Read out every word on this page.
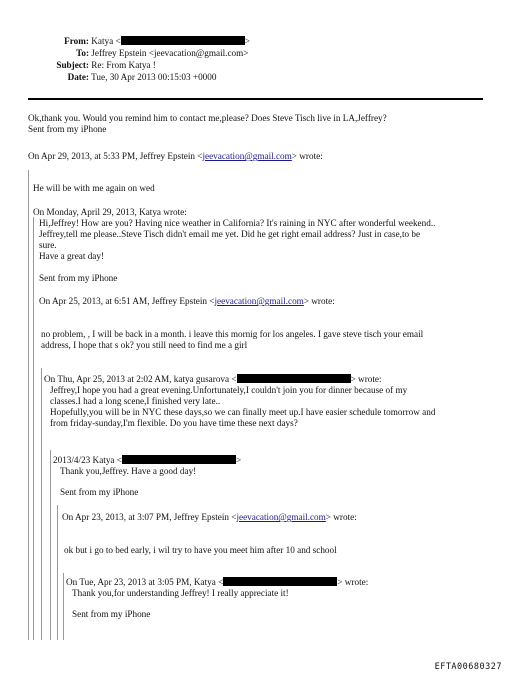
From: Katya <	>
To: Jeffrey Epstein <jeevacation@gmail.com>
Subject: Re: From Katya !
Date: Tue, 30 Apr 2013 00:15:03 +0000
Ok,thank you. Would you remind him to contact me,please? Does Steve Tisch live in LA,Jeffrey?
Sent from my iPhone
On Apr 29, 2013, at 5:33 PM, Jeffrey Epstein <jeevacation@gmail.com> wrote:
He will be with me again on wed
On Monday, April 29, 2013, Katya wrote:
Hi,Jeffrey! How are you? Having nice weather in California? It's raining in NYC after wonderful weekend..
Jeffrey,tell me please..Steve Tisch didn't email me yet. Did he get right email address? Just in case,to be
sure.
Have a great day!
Sent from my iPhone
On Apr 25, 2013, at 6:51 AM, Jeffrey Epstein <jeevacation@gmail.com> wrote:
no problem, , I will be back in a month. i leave this mornig for los angeles. I gave steve tisch your email
address, I hope that s ok? you still need to find me a girl
On Thu, Apr 25, 2013 at 2:02 AM, katya gusarova <	> wrote:
Jeffrey,I hope you had a great evening.Unfortunately,I couldn't join you for dinner because of my
classes.I had a long scene,I finished very late..
Hopefully,you will be in NYC these days,so we can finally meet up.I have easier schedule tomorrow and
from friday-sunday,I'm flexible. Do you have time these next days?
2013/4/23 Katya <	>
Thank you,Jeffrey. Have a good day!
Sent from my iPhone
On Apr 23, 2013, at 3:07 PM, Jeffrey Epstein <jeevacation@gmail.com> wrote:
ok but i go to bed early, i wil try to have you meet him after 10 and school
On Tue, Apr 23, 2013 at 3:05 PM, Katya <	> wrote:
Thank you,for understanding Jeffrey! I really appreciate it!
Sent from my iPhone
EFTA00680327
